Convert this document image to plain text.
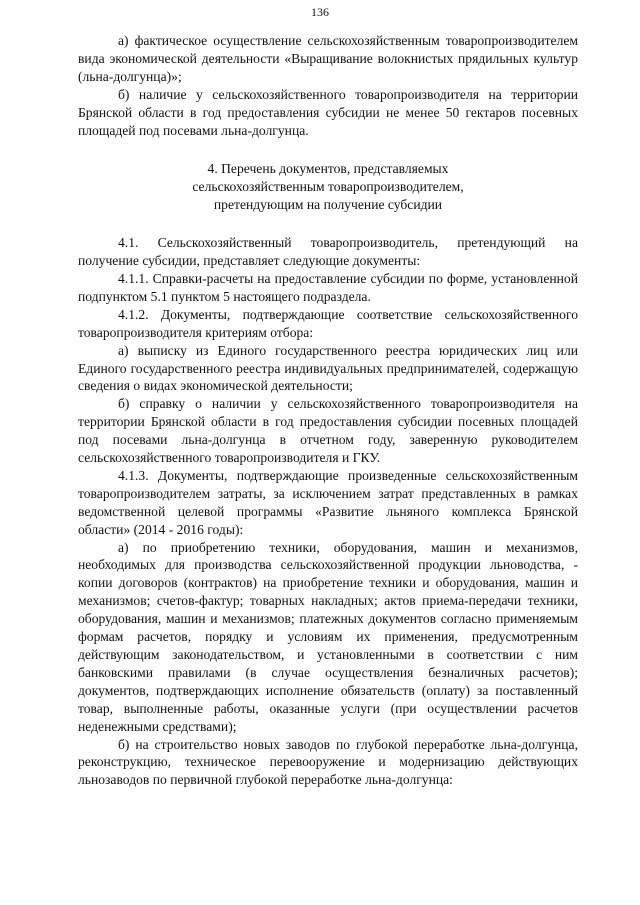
136

а) фактическое осуществление сельскохозяйственным товаропроизводителем вида экономической деятельности «Выращивание волокнистых прядильных культур (льна-долгунца)»;

б) наличие у сельскохозяйственного товаропроизводителя на территории Брянской области в год предоставления субсидии не менее 50 гектаров посевных площадей под посевами льна-долгунца.

4. Перечень документов, представляемых
сельскохозяйственным товаропроизводителем,
претендующим на получение субсидии

4.1. Сельскохозяйственный товаропроизводитель, претендующий на получение субсидии, представляет следующие документы:

4.1.1. Справки-расчеты на предоставление субсидии по форме, установленной подпунктом 5.1 пунктом 5 настоящего подраздела.

4.1.2. Документы, подтверждающие соответствие сельскохозяйственного товаропроизводителя критериям отбора:

а) выписку из Единого государственного реестра юридических лиц или Единого государственного реестра индивидуальных предпринимателей, содержащую сведения о видах экономической деятельности;

б) справку о наличии у сельскохозяйственного товаропроизводителя на территории Брянской области в год предоставления субсидии посевных площадей под посевами льна-долгунца в отчетном году, заверенную руководителем сельскохозяйственного товаропроизводителя и ГКУ.

4.1.3. Документы, подтверждающие произведенные сельскохозяйственным товаропроизводителем затраты, за исключением затрат представленных в рамках ведомственной целевой программы «Развитие льняного комплекса Брянской области» (2014 - 2016 годы):

а) по приобретению техники, оборудования, машин и механизмов, необходимых для производства сельскохозяйственной продукции льноводства, - копии договоров (контрактов) на приобретение техники и оборудования, машин и механизмов; счетов-фактур; товарных накладных; актов приема-передачи техники, оборудования, машин и механизмов; платежных документов согласно применяемым формам расчетов, порядку и условиям их применения, предусмотренным действующим законодательством, и установленными в соответствии с ним банковскими правилами (в случае осуществления безналичных расчетов); документов, подтверждающих исполнение обязательств (оплату) за поставленный товар, выполненные работы, оказанные услуги (при осуществлении расчетов неденежными средствами);

б) на строительство новых заводов по глубокой переработке льна-долгунца, реконструкцию, техническое перевооружение и модернизацию действующих льнозаводов по первичной глубокой переработке льна-долгунца:
